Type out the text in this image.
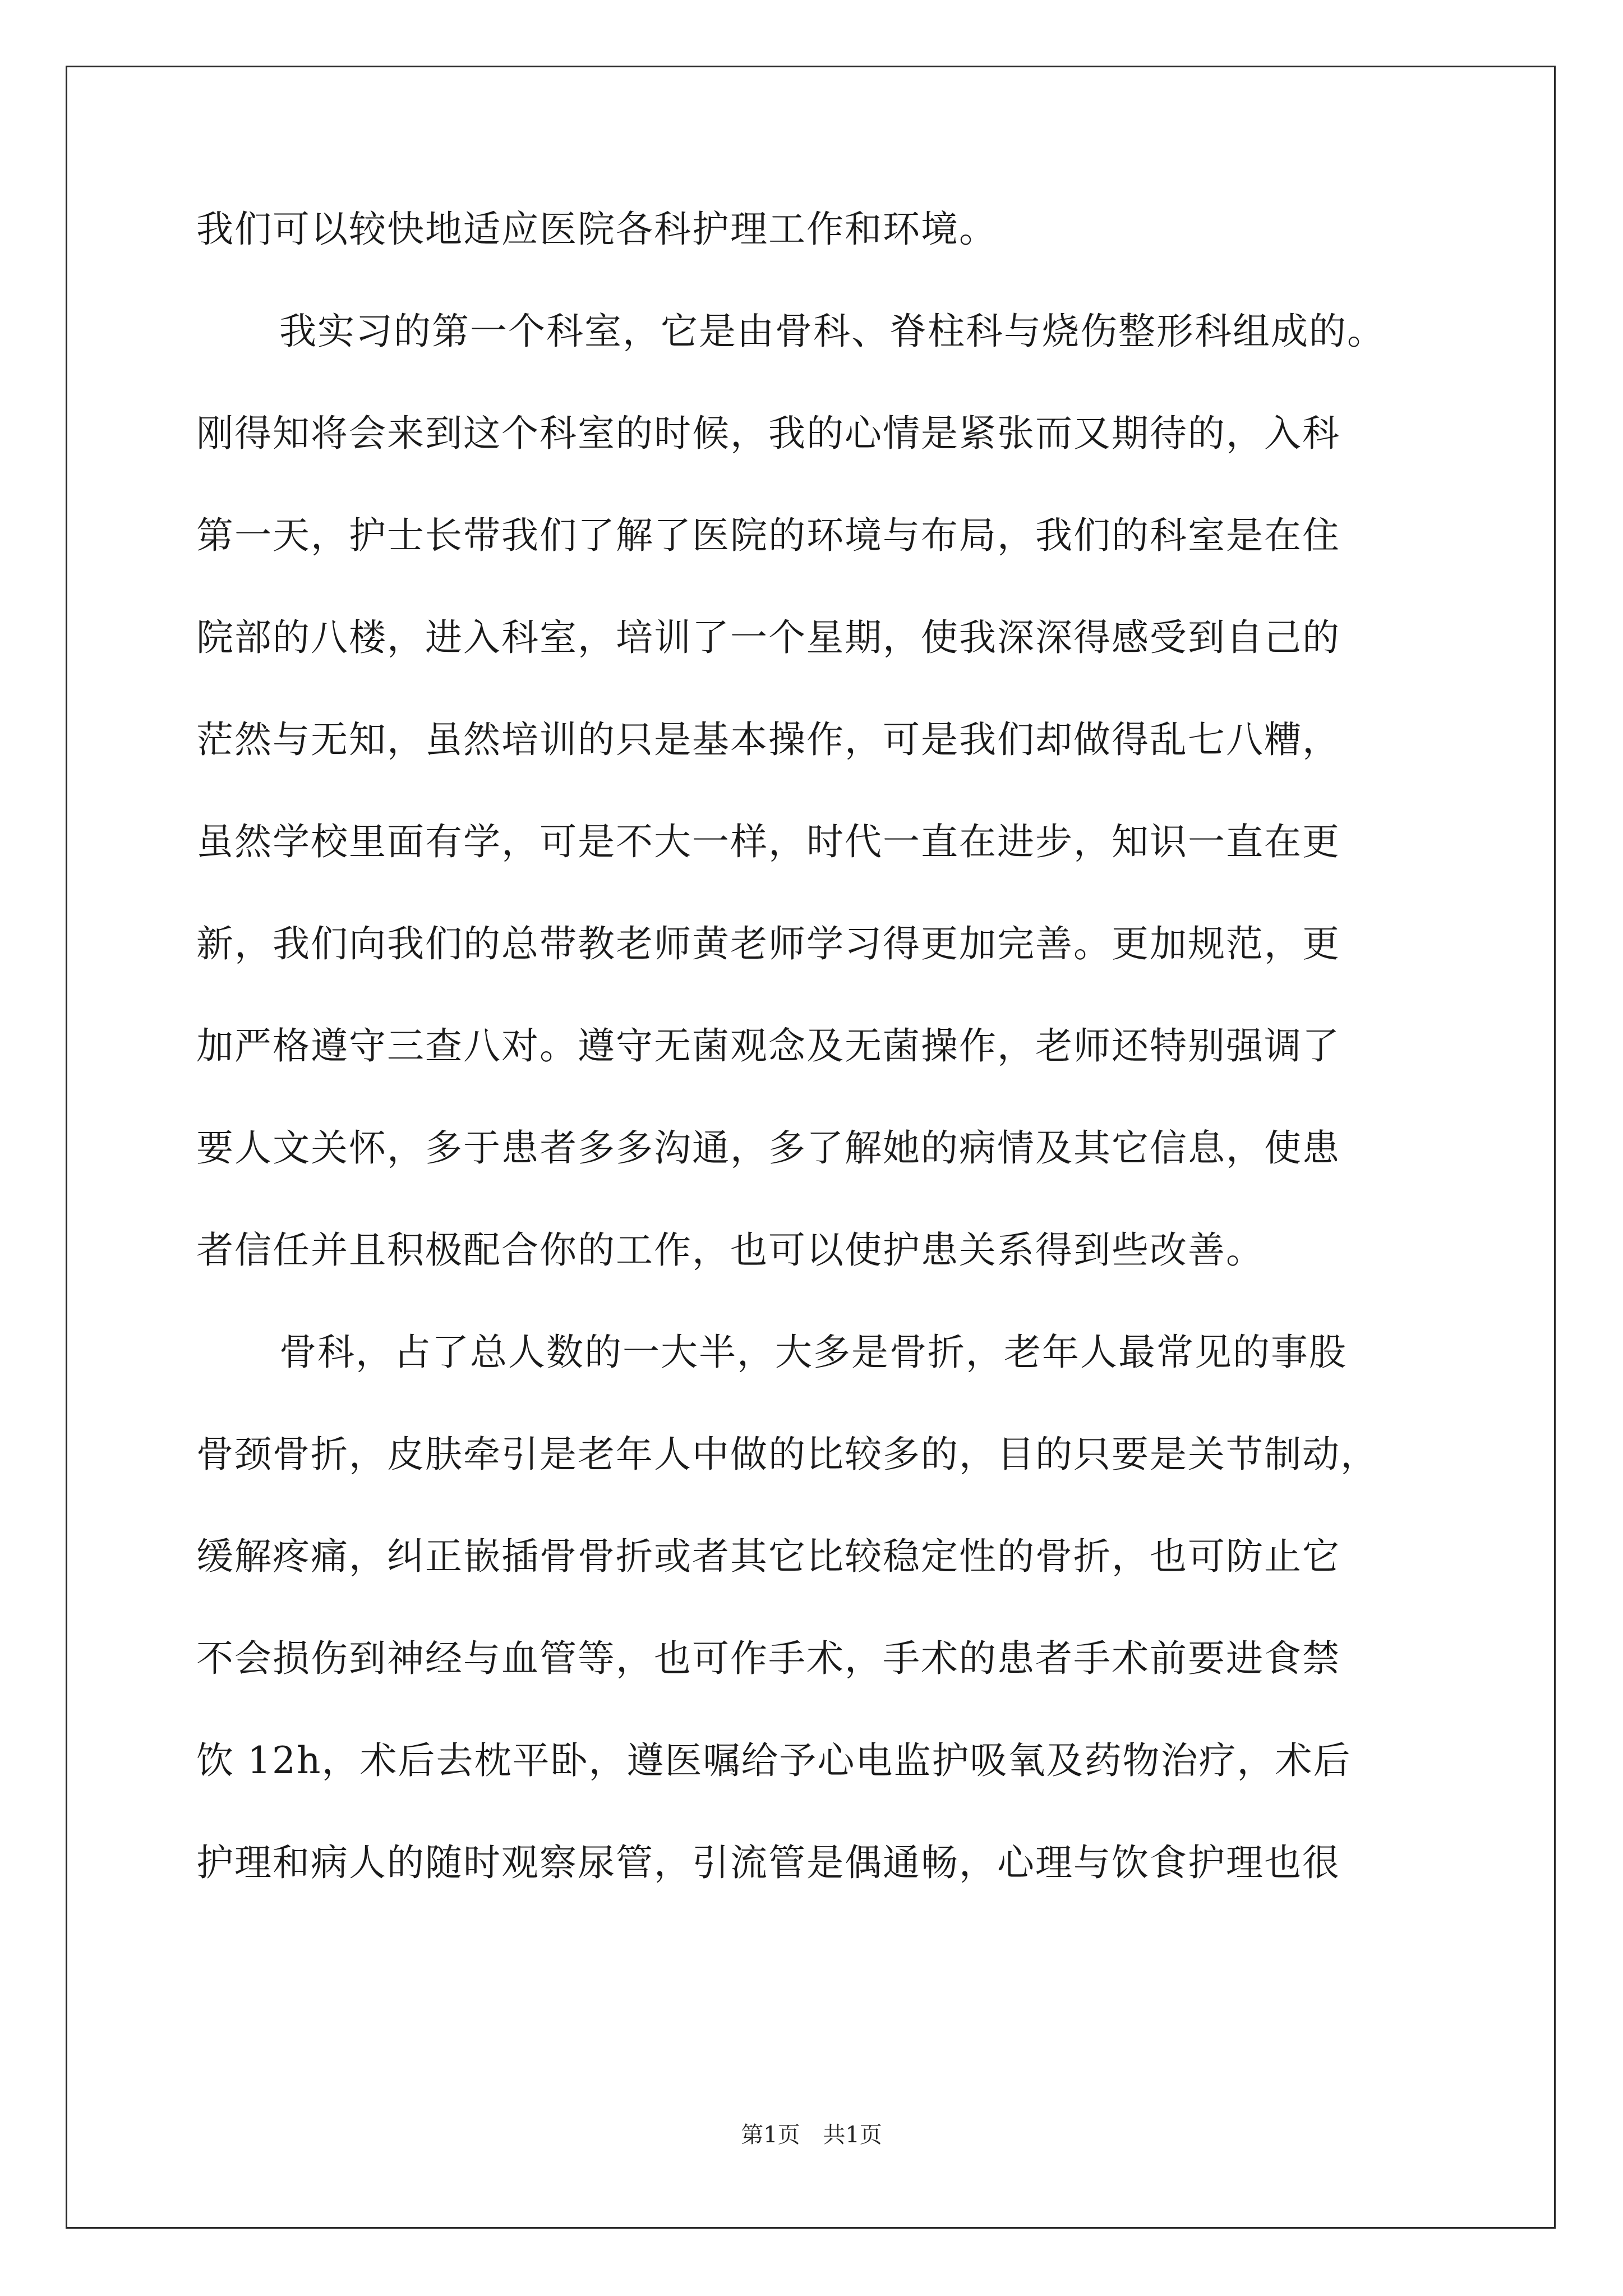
我们可以较快地适应医院各科护理工作和环境。
我实习的第一个科室，它是由骨科、脊柱科与烧伤整形科组成的。
刚得知将会来到这个科室的时候，我的心情是紧张而又期待的，入科
第一天，护士长带我们了解了医院的环境与布局，我们的科室是在住
院部的八楼，进入科室，培训了一个星期，使我深深得感受到自己的
茫然与无知，虽然培训的只是基本操作，可是我们却做得乱七八糟，
虽然学校里面有学，可是不大一样，时代一直在进步，知识一直在更
新，我们向我们的总带教老师黄老师学习得更加完善。更加规范，更
加严格遵守三查八对。遵守无菌观念及无菌操作，老师还特别强调了
要人文关怀，多于患者多多沟通，多了解她的病情及其它信息，使患
者信任并且积极配合你的工作，也可以使护患关系得到些改善。
骨科，占了总人数的一大半，大多是骨折，老年人最常见的事股
骨颈骨折，皮肤牵引是老年人中做的比较多的，目的只要是关节制动，
缓解疼痛，纠正嵌插骨骨折或者其它比较稳定性的骨折，也可防止它
不会损伤到神经与血管等，也可作手术，手术的患者手术前要进食禁
饮 12h，术后去枕平卧，遵医嘱给予心电监护吸氧及药物治疗，术后
护理和病人的随时观察尿管，引流管是偶通畅，心理与饮食护理也很
第1页 共1页
